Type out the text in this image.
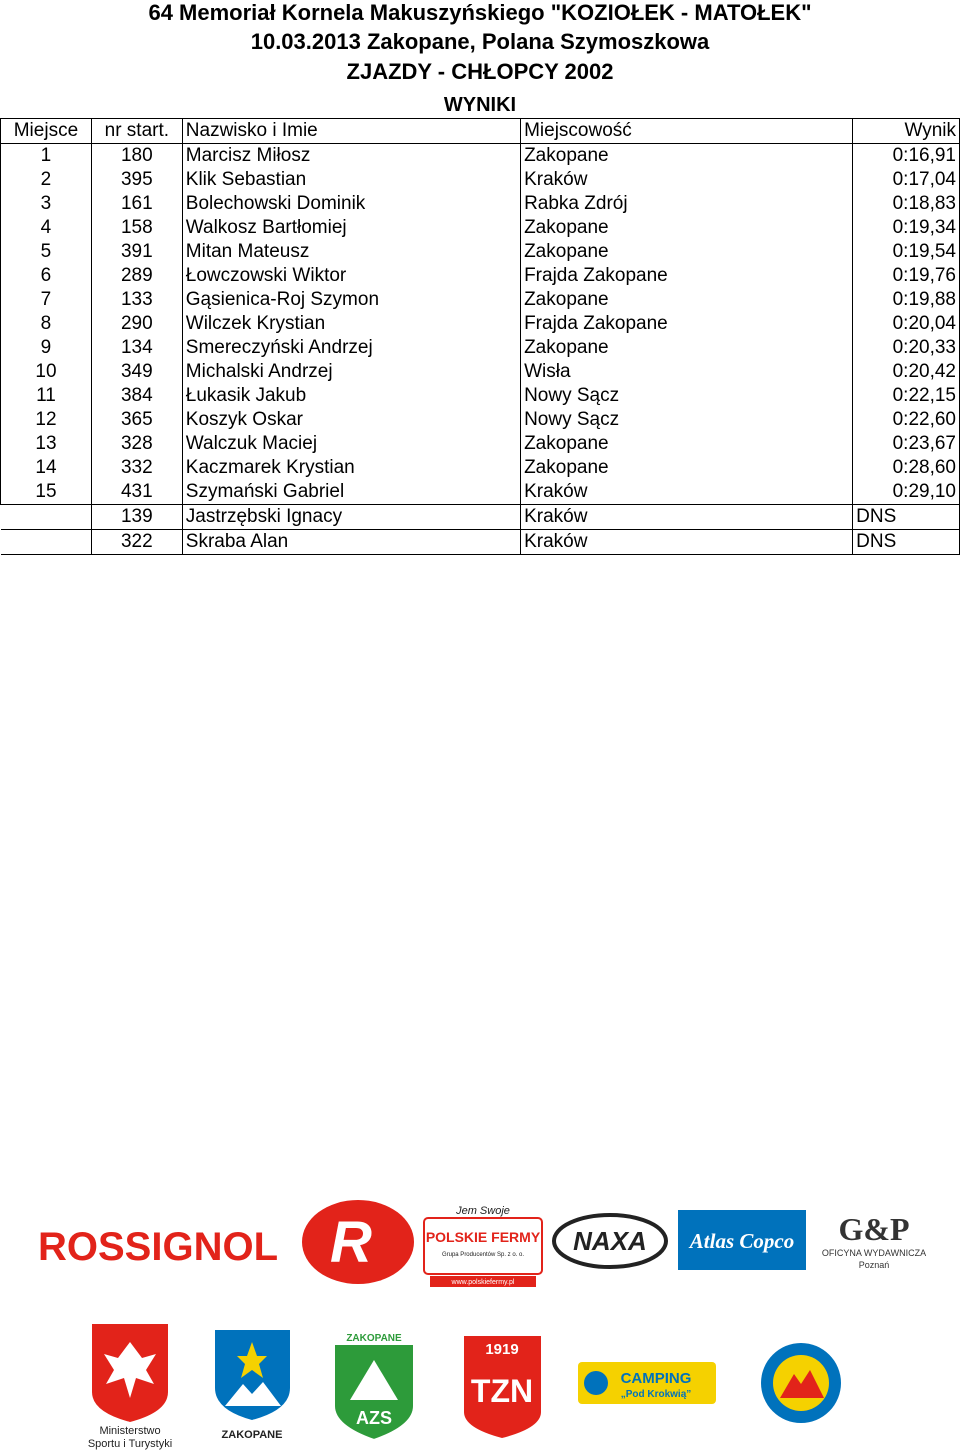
64 Memoriał Kornela Makuszyńskiego "KOZIOŁEK - MATOŁEK"
10.03.2013 Zakopane, Polana Szymoszkowa
ZJAZDY - CHŁOPCY 2002
WYNIKI
Miejsce	nr start.	Nazwisko i Imie	Miejscowość	Wynik
1	180	Marcisz Miłosz	Zakopane	0:16,91
2	395	Klik Sebastian	Kraków	0:17,04
3	161	Bolechowski Dominik	Rabka Zdrój	0:18,83
4	158	Walkosz Bartłomiej	Zakopane	0:19,34
5	391	Mitan Mateusz	Zakopane	0:19,54
6	289	Łowczowski Wiktor	Frajda Zakopane	0:19,76
7	133	Gąsienica-Roj Szymon	Zakopane	0:19,88
8	290	Wilczek Krystian	Frajda Zakopane	0:20,04
9	134	Smereczyński Andrzej	Zakopane	0:20,33
10	349	Michalski Andrzej	Wisła	0:20,42
11	384	Łukasik Jakub	Nowy Sącz	0:22,15
12	365	Koszyk Oskar	Nowy Sącz	0:22,60
13	328	Walczuk Maciej	Zakopane	0:23,67
14	332	Kaczmarek Krystian	Zakopane	0:28,60
15	431	Szymański Gabriel	Kraków	0:29,10
	139	Jastrzębski Ignacy	Kraków	DNS
	322	Skraba Alan	Kraków	DNS
ROSSIGNOL R	Jem Swoje
POLSKIE FERMY
Grupa Producentów Sp. z o. o.
www.polskiefermy.pl
NAXA Atlas Copco G&P
OFICYNA WYDAWNICZA
Poznań
Ministerstwo
Sportu i Turystyki
ZAKOPANE
ZAKOPANE
AZS
1919
TZN	CAMPING
„Pod Krokwią”
